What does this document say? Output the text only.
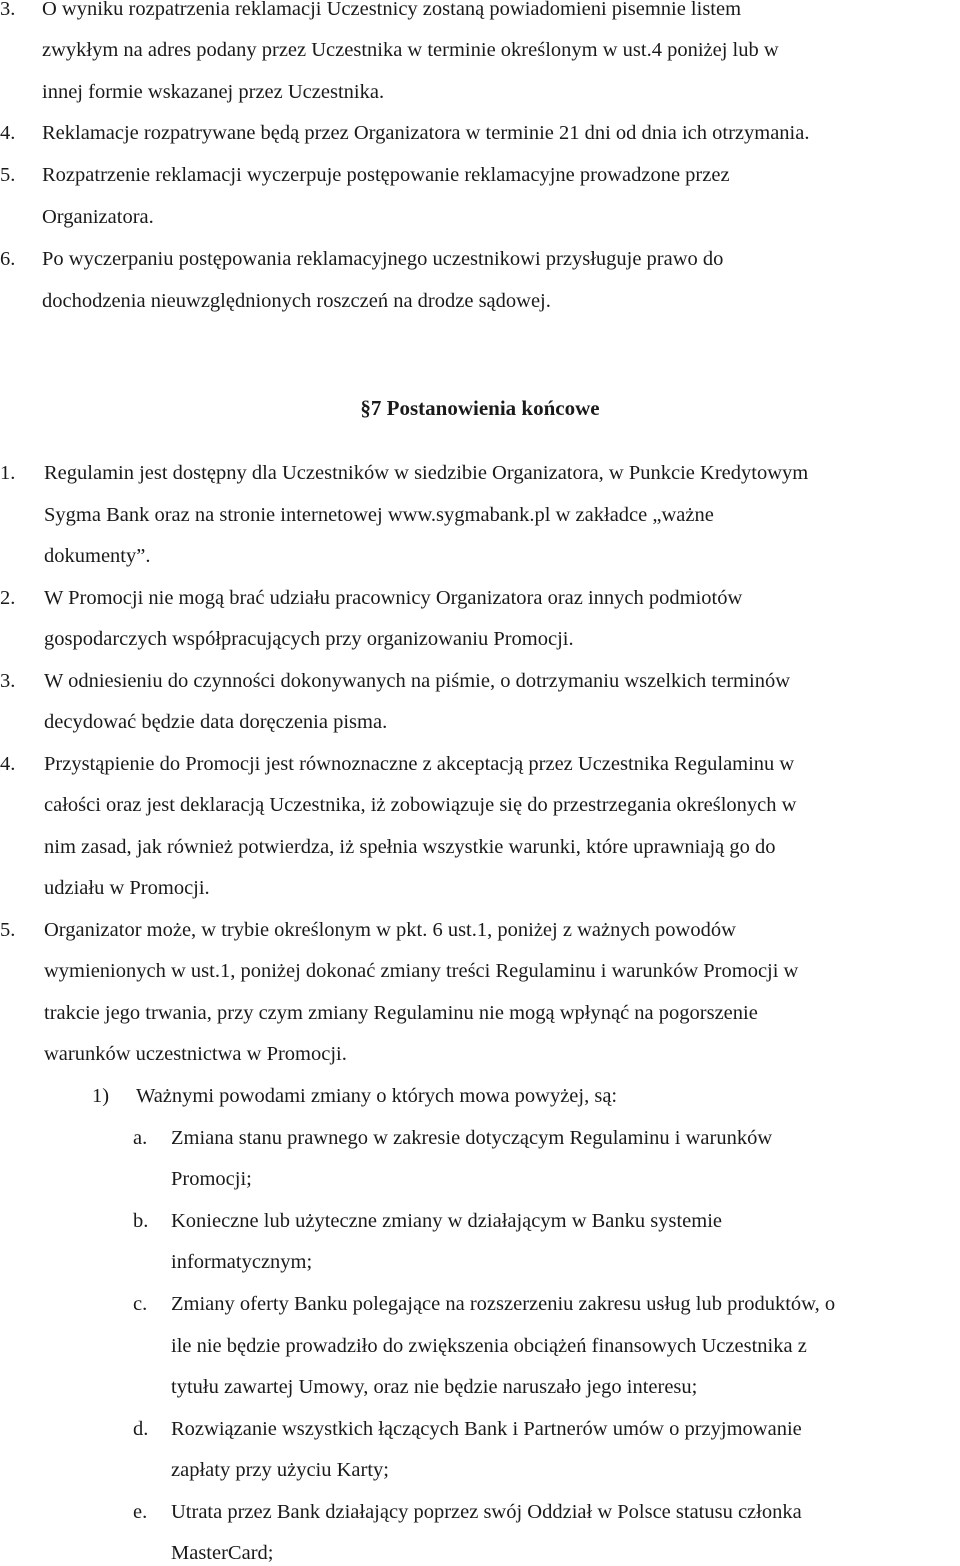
3. O wyniku rozpatrzenia reklamacji Uczestnicy zostaną powiadomieni pisemnie listem
zwykłym na adres podany przez Uczestnika w terminie określonym w ust.4 poniżej lub w
innej formie wskazanej przez Uczestnika.
4. Reklamacje rozpatrywane będą przez Organizatora w terminie 21 dni od dnia ich otrzymania.
5. Rozpatrzenie reklamacji wyczerpuje postępowanie reklamacyjne prowadzone przez
Organizatora.
6. Po wyczerpaniu postępowania reklamacyjnego uczestnikowi przysługuje prawo do
dochodzenia nieuwzględnionych roszczeń na drodze sądowej.
§7 Postanowienia końcowe
1. Regulamin jest dostępny dla Uczestników w siedzibie Organizatora, w Punkcie Kredytowym
Sygma Bank oraz na stronie internetowej www.sygmabank.pl w zakładce „ważne
dokumenty”.
2. W Promocji nie mogą brać udziału pracownicy Organizatora oraz innych podmiotów
gospodarczych współpracujących przy organizowaniu Promocji.
3. W odniesieniu do czynności dokonywanych na piśmie, o dotrzymaniu wszelkich terminów
decydować będzie data doręczenia pisma.
4. Przystąpienie do Promocji jest równoznaczne z akceptacją przez Uczestnika Regulaminu w
całości oraz jest deklaracją Uczestnika, iż zobowiązuje się do przestrzegania określonych w
nim zasad, jak również potwierdza, iż spełnia wszystkie warunki, które uprawniają go do
udziału w Promocji.
5. Organizator może, w trybie określonym w pkt. 6 ust.1, poniżej z ważnych powodów
wymienionych w ust.1, poniżej dokonać zmiany treści Regulaminu i warunków Promocji w
trakcie jego trwania, przy czym zmiany Regulaminu nie mogą wpłynąć na pogorszenie
warunków uczestnictwa w Promocji.
1) Ważnymi powodami zmiany o których mowa powyżej, są:
a. Zmiana stanu prawnego w zakresie dotyczącym Regulaminu i warunków
Promocji;
b. Konieczne lub użyteczne zmiany w działającym w Banku systemie
informatycznym;
c. Zmiany oferty Banku polegające na rozszerzeniu zakresu usług lub produktów, o
ile nie będzie prowadziło do zwiększenia obciążeń finansowych Uczestnika z
tytułu zawartej Umowy, oraz nie będzie naruszało jego interesu;
d. Rozwiązanie wszystkich łączących Bank i Partnerów umów o przyjmowanie
zapłaty przy użyciu Karty;
e. Utrata przez Bank działający poprzez swój Oddział w Polsce statusu członka
MasterCard;
